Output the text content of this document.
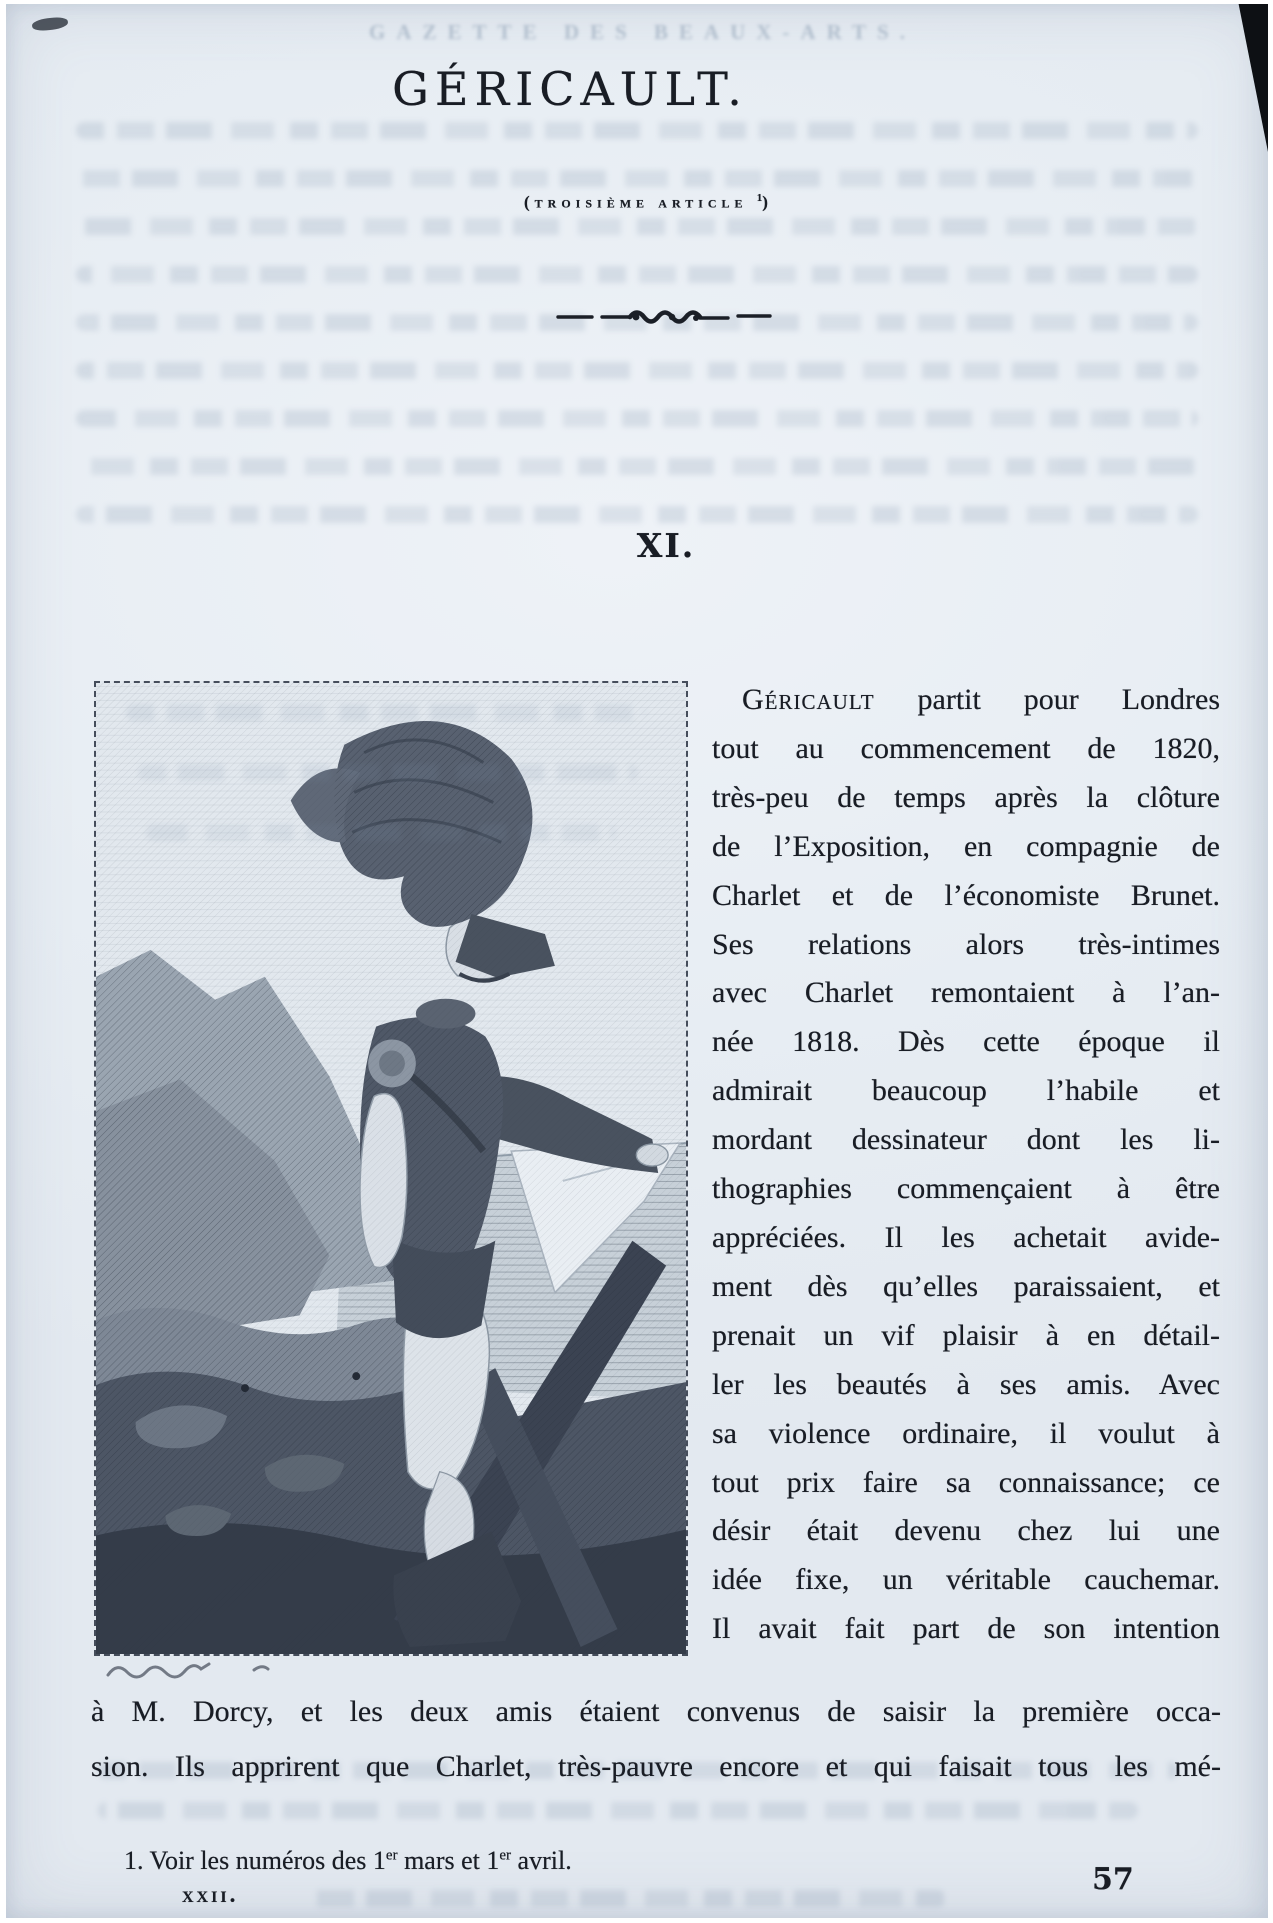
GAZETTE DES BEAUX-ARTS.
GÉRICAULT.
(troisième article $^1$)
XI.
Géricault partit pour Londres
tout au commencement de 1820,
très-peu de temps après la clôture
de l’Exposition, en compagnie de
Charlet et de l’économiste Brunet.
Ses relations alors très-intimes
avec Charlet remontaient à l’an-
née 1818. Dès cette époque il
admirait beaucoup l’habile et
mordant dessinateur dont les li-
thographies commençaient à être
appréciées. Il les achetait avide-
ment dès qu’elles paraissaient, et
prenait un vif plaisir à en détail-
ler les beautés à ses amis. Avec
sa violence ordinaire, il voulut à
tout prix faire sa connaissance; ce
désir était devenu chez lui une
idée fixe, un véritable cauchemar.
Il avait fait part de son intention
à M. Dorcy, et les deux amis étaient convenus de saisir la première occa-
sion. Ils apprirent que Charlet, très-pauvre encore et qui faisait tous les mé-
1. Voir les numéros des 1er mars et 1er avril.
xxii.	57
